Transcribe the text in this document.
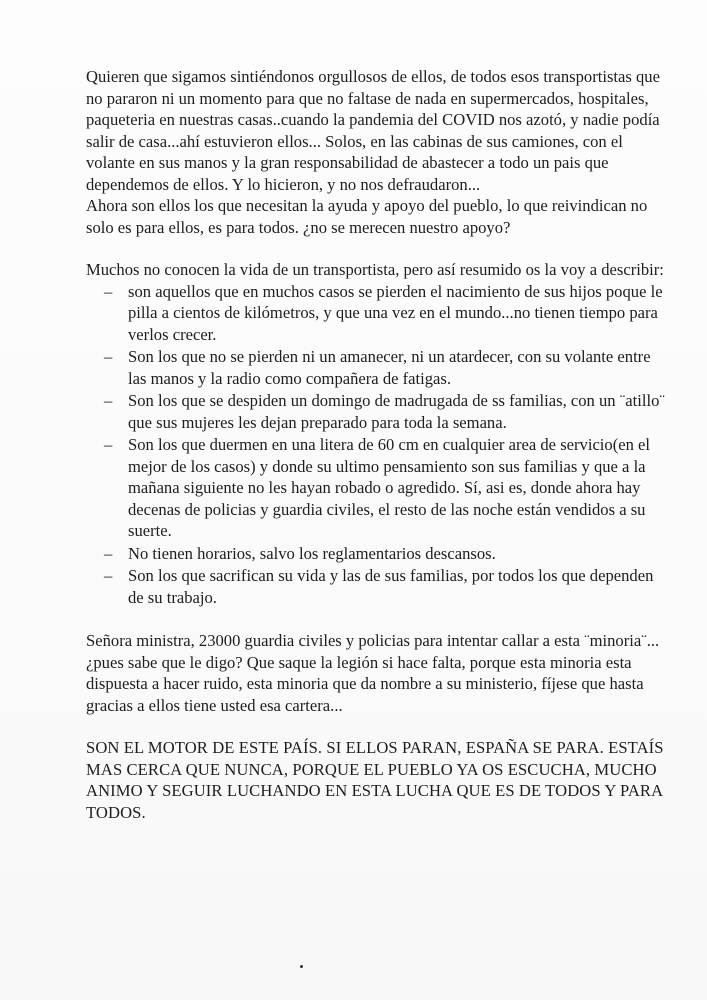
Quieren que sigamos sintiéndonos orgullosos de ellos, de todos esos transportistas que no pararon ni un momento para que no faltase de nada en supermercados, hospitales, paqueteria en nuestras casas..cuando la pandemia del COVID nos azotó, y nadie podía salir de casa...ahí estuvieron ellos... Solos, en las cabinas de sus camiones, con el volante en sus manos y la gran responsabilidad de abastecer a todo un pais que dependemos de ellos. Y lo hicieron, y no nos defraudaron...

Ahora son ellos los que necesitan la ayuda y apoyo del pueblo, lo que reivindican no solo es para ellos, es para todos. ¿no se merecen nuestro apoyo?

Muchos no conocen la vida de un transportista, pero así resumido os la voy a describir:

– son aquellos que en muchos casos se pierden el nacimiento de sus hijos poque le pilla a cientos de kilómetros, y que una vez en el mundo...no tienen tiempo para verlos crecer.
– Son los que no se pierden ni un amanecer, ni un atardecer, con su volante entre las manos y la radio como compañera de fatigas.
– Son los que se despiden un domingo de madrugada de ss familias, con un ¨atillo¨ que sus mujeres les dejan preparado para toda la semana.
– Son los que duermen en una litera de 60 cm en cualquier area de servicio(en el mejor de los casos) y donde su ultimo pensamiento son sus familias y que a la mañana siguiente no les hayan robado o agredido. Sí, asi es, donde ahora hay decenas de policias y guardia civiles, el resto de las noche están vendidos a su suerte.
– No tienen horarios, salvo los reglamentarios descansos.
– Son los que sacrifican su vida y las de sus familias, por todos los que dependen de su trabajo.

Señora ministra, 23000 guardia civiles y policias para intentar callar a esta ¨minoria¨... ¿pues sabe que le digo? Que saque la legión si hace falta, porque esta minoria esta dispuesta a hacer ruido, esta minoria que da nombre a su ministerio, fíjese que hasta gracias a ellos tiene usted esa cartera...

SON EL MOTOR DE ESTE PAÍS. SI ELLOS PARAN, ESPAÑA SE PARA. ESTAÍS MAS CERCA QUE NUNCA, PORQUE EL PUEBLO YA OS ESCUCHA, MUCHO ANIMO Y SEGUIR LUCHANDO EN ESTA LUCHA QUE ES DE TODOS Y PARA TODOS.
